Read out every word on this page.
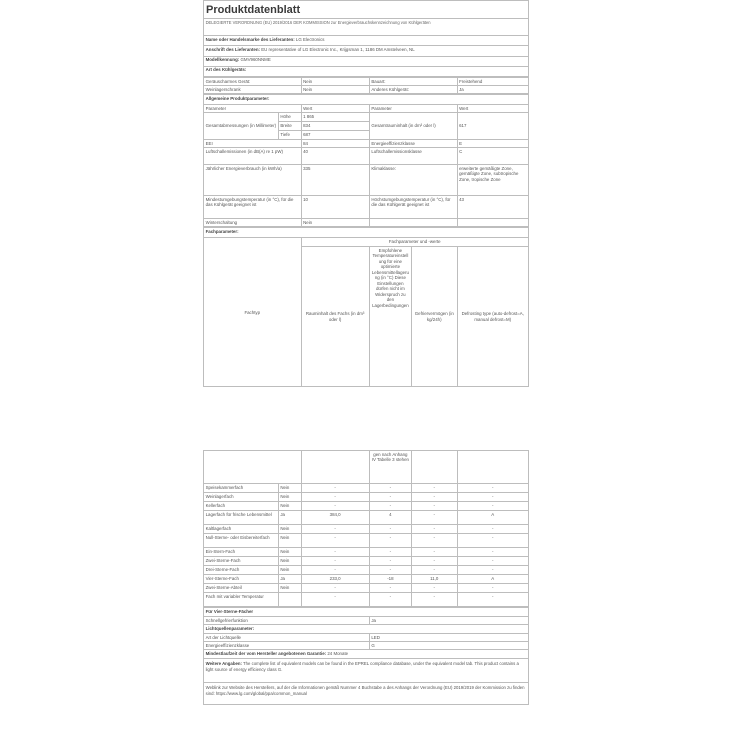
Produktdatenblatt
DELEGIERTE VERORDNUNG (EU) 2019/2016 DER KOMMISSION zur Energieverbrauchskennzeichnung von Kühlgeräten
Name oder Handelsmarke des Lieferanten: LG Electronics
Anschrift des Lieferanten: EU representative of LG Electronic Inc., Krijgsman 1, 1186 DM Amstelveen, NL
Modellkennung: GMV960NNME
Art des Kühlgeräts:
Geräuscharmes Gerät:	Nein	Bauart:	Freistehend
Weinlagerschrank	Nein	Anderes Kühlgerät:	Ja
Allgemeine Produktparameter:				
Parameter		Wert	Parameter	Wert
Gesamtabmessungen (in Millimeter)	Höhe	1 865	Gesamtrauminhalt (in dm³ oder l)	617
	Breite	834		
	Tiefe	687		
EEI		84	Energieeffizienzklasse	E
Luftschallemissionen (in dB(A) re 1 pW)		40	Luftschallemissionsklasse	C
Jährlicher Energieverbrauch (in kWh/a)		335	Klimaklasse:	erweiterte gemäßigte Zone, gemäßigte Zone, subtropische Zone, tropische Zone
Mindestumgebungstemperatur (in °C), für die das Kühlgerät geeignet ist		10	Höchstumgebungstemperatur (in °C), für die das Kühlgerät geeignet ist	43
Winterschaltung		Nein		
Fachparameter:				
Fachtyp	Fachparameter und -werte			
	Rauminhalt des Fachs (in dm³ oder l)	Empfohlene Temperatureinstellung für eine optimierte Lebensmittellagerung (in °C) Diese Einstellungen dürfen nicht im Widerspruch zu den Lagerbedingungen	Gefriervermögen (in kg/24h)	Defrosting type (auto-defrost=A, manual defrost=M)
			gen nach Anhang IV Tabelle 3 stehen		
Speisekammerfach	Nein	-	-	-	-
Weinlagerfach	Nein	-	-	-	-
Kellerfach	Nein	-	-	-	-
Lagerfach für frische Lebensmittel	Ja	384,0	4	-	A
Kaltlagerfach	Nein	-	-	-	-
Null-Sterne- oder Eisbereiterfach	Nein	-	-	-	-
Ein-Stern-Fach	Nein	-	-	-	-
Zwei-Sterne-Fach	Nein	-	-	-	-
Drei-Sterne-Fach	Nein	-	-	-	-
Vier-Sterne-Fach	Ja	233,0	-18	11,0	A
Zwei-Sterne-Abteil	Nein	-	-	-	-
Fach mit variabler Temperatur		-	-	-	-
Für Vier-Sterne-Fächer	
Schnellgefrierfunktion	Ja
Lichtquellenparameter:	
Art der Lichtquelle	LED
Energieeffizienzklasse	G
Mindestlaufzeit der vom Hersteller angebotenen Garantie: 24 Monate	
Weitere Angaben: The complete list of equivalent models can be found in the EPREL compliance database, under the equivalent model tab. This product contains a light source of energy efficiency class G.	
Weblink zur Website des Herstellers, auf der die Informationen gemäß Nummer 4 Buchstabe a des Anhangs der Verordnung (EU) 2019/2019 der Kommission zu finden sind: https://www.lg.com/global/ppa/common_manual	
